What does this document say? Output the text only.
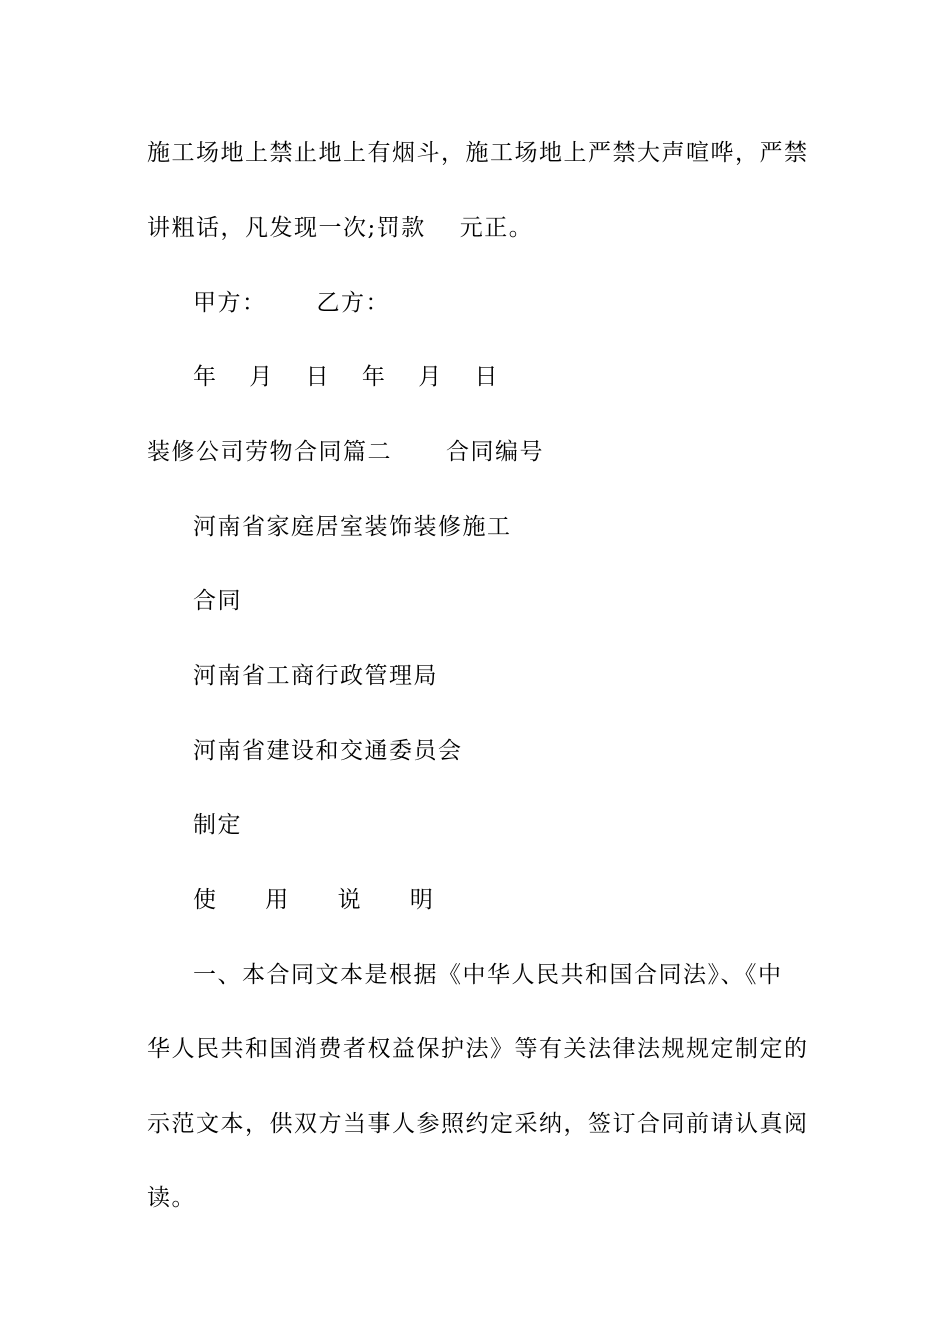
施工场地上禁止地上有烟斗，施工场地上严禁大声喧哗，严禁
讲粗话，凡发现一次;罚款 元正。
甲方： 乙方：
年 月 日 年 月 日
装修公司劳物合同篇二 合同编号
河南省家庭居室装饰装修施工
合同
河南省工商行政管理局
河南省建设和交通委员会
制定
使 用 说 明
一、本合同文本是根据《中华人民共和国合同法》、《中
华人民共和国消费者权益保护法》等有关法律法规规定制定的
示范文本，供双方当事人参照约定采纳，签订合同前请认真阅
读。
